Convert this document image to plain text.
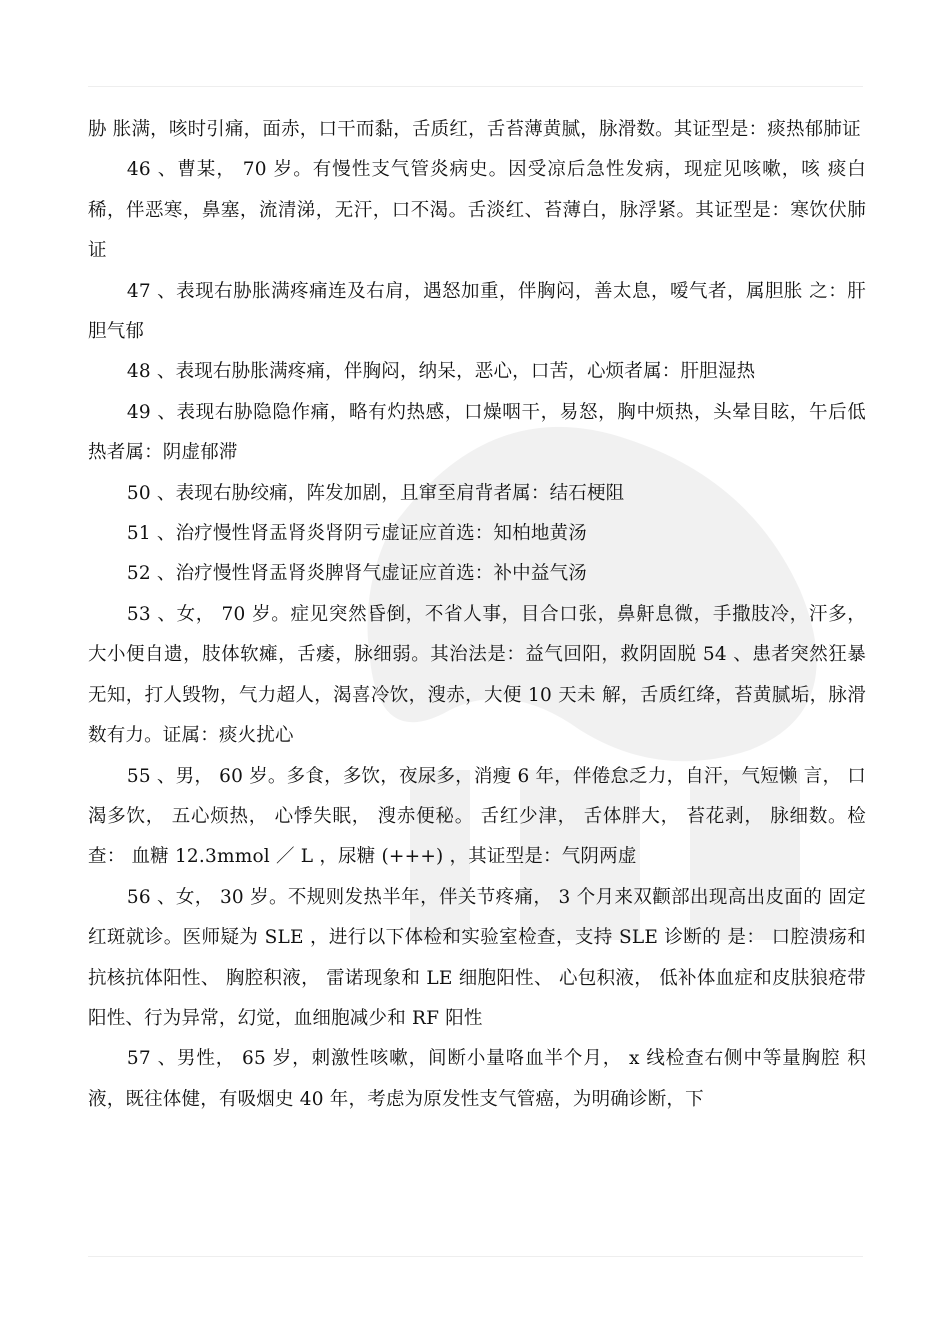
胁 胀满，咳时引痛，面赤，口干而黏，舌质红，舌苔薄黄腻，脉滑数。其证型是：痰热郁肺证

46 、曹某， 70 岁。有慢性支气管炎病史。因受凉后急性发病，现症见咳嗽，咳 痰白稀，伴恶寒，鼻塞，流清涕，无汗，口不渴。舌淡红、苔薄白，脉浮紧。其证型是：寒饮伏肺证

47 、表现右胁胀满疼痛连及右肩，遇怒加重，伴胸闷，善太息，嗳气者，属胆胀 之：肝胆气郁

48 、表现右胁胀满疼痛，伴胸闷，纳呆，恶心，口苦，心烦者属：肝胆湿热

49 、表现右胁隐隐作痛，略有灼热感，口燥咽干，易怒，胸中烦热，头晕目眩，午后低热者属：阴虚郁滞

50 、表现右胁绞痛，阵发加剧，且窜至肩背者属：结石梗阻

51 、治疗慢性肾盂肾炎肾阴亏虚证应首选：知柏地黄汤

52 、治疗慢性肾盂肾炎脾肾气虚证应首选：补中益气汤

53 、女， 70 岁。症见突然昏倒，不省人事，目合口张，鼻鼾息微，手撒肢冷，汗多，大小便自遗，肢体软瘫，舌痿，脉细弱。其治法是：益气回阳，救阴固脱 54 、患者突然狂暴无知，打人毁物，气力超人，渴喜冷饮，溲赤，大便 10 天未 解，舌质红绛，苔黄腻垢，脉滑数有力。证属：痰火扰心

55 、男， 60 岁。多食，多饮，夜尿多，消瘦 6 年，伴倦怠乏力，自汗，气短懒 言， 口渴多饮， 五心烦热， 心悸失眠， 溲赤便秘。 舌红少津， 舌体胖大， 苔花剥， 脉细数。检查： 血糖 12.3mmol ／ L ，尿糖 (+++) ，其证型是：气阴两虚

56 、女， 30 岁。不规则发热半年，伴关节疼痛， 3 个月来双颧部出现高出皮面的 固定红斑就诊。医师疑为 SLE ，进行以下体检和实验室检查，支持 SLE 诊断的 是： 口腔溃疡和抗核抗体阳性、 胸腔积液， 雷诺现象和 LE 细胞阳性、 心包积液， 低补体血症和皮肤狼疮带阳性、行为异常，幻觉，血细胞减少和 RF 阳性

57 、男性， 65 岁，刺激性咳嗽，间断小量咯血半个月， x 线检查右侧中等量胸腔 积液，既往体健，有吸烟史 40 年，考虑为原发性支气管癌，为明确诊断，下
